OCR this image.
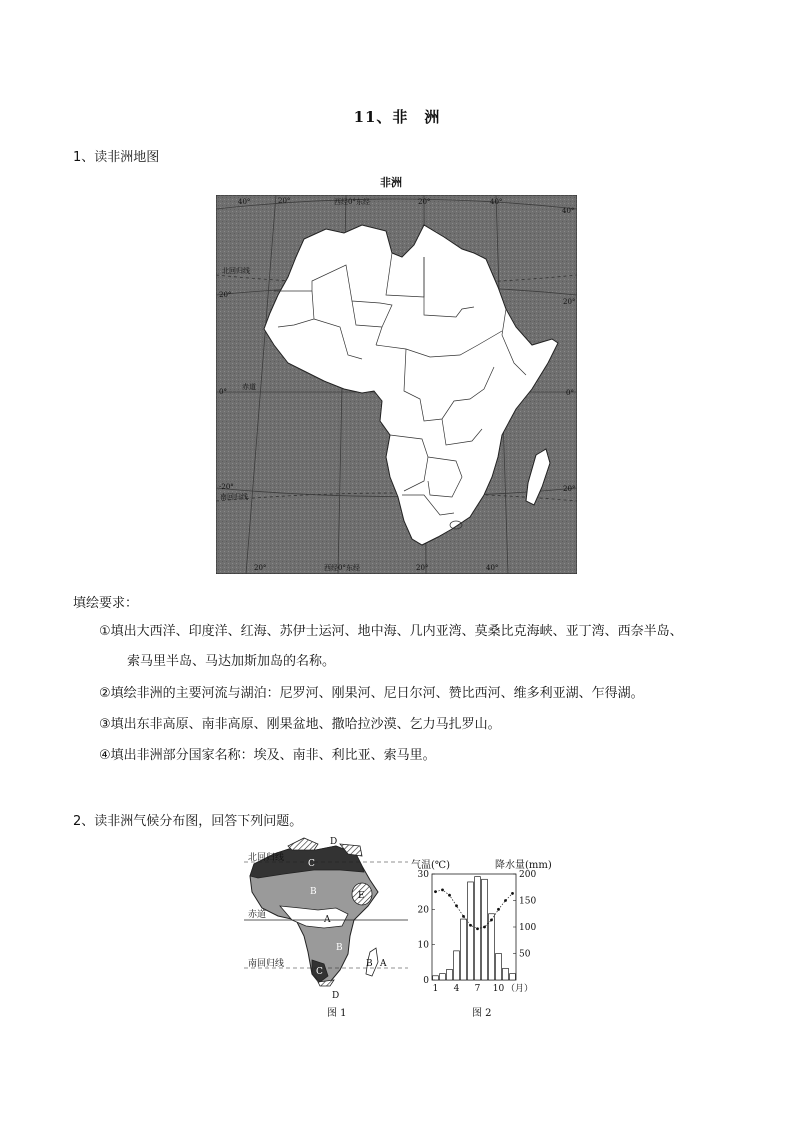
11、非　洲
1、读非洲地图
非洲
40°	20°	西经0°东经	20°	40°
40°
20°	西经0°东经	20°	40°
20°
0°
-20°
20°
0°
20°
北回归线
赤道
南回归线
填绘要求：
①填出大西洋、印度洋、红海、苏伊士运河、地中海、几内亚湾、莫桑比克海峡、亚丁湾、西奈半岛、
索马里半岛、马达加斯加岛的名称。
②填绘非洲的主要河流与湖泊：尼罗河、刚果河、尼日尔河、赞比西河、维多利亚湖、乍得湖。
③填出东非高原、南非高原、刚果盆地、撒哈拉沙漠、乞力马扎罗山。
④填出非洲部分国家名称：埃及、南非、利比亚、索马里。
2、读非洲气候分布图，回答下列问题。
北回归线
赤道
南回归线
D
C
B	E
A
B
C
B A
D
图 1
气温(℃)	降水量(mm)
30
20
10
0
200
150
100
50
1 4 7 10 （月）
图 2
